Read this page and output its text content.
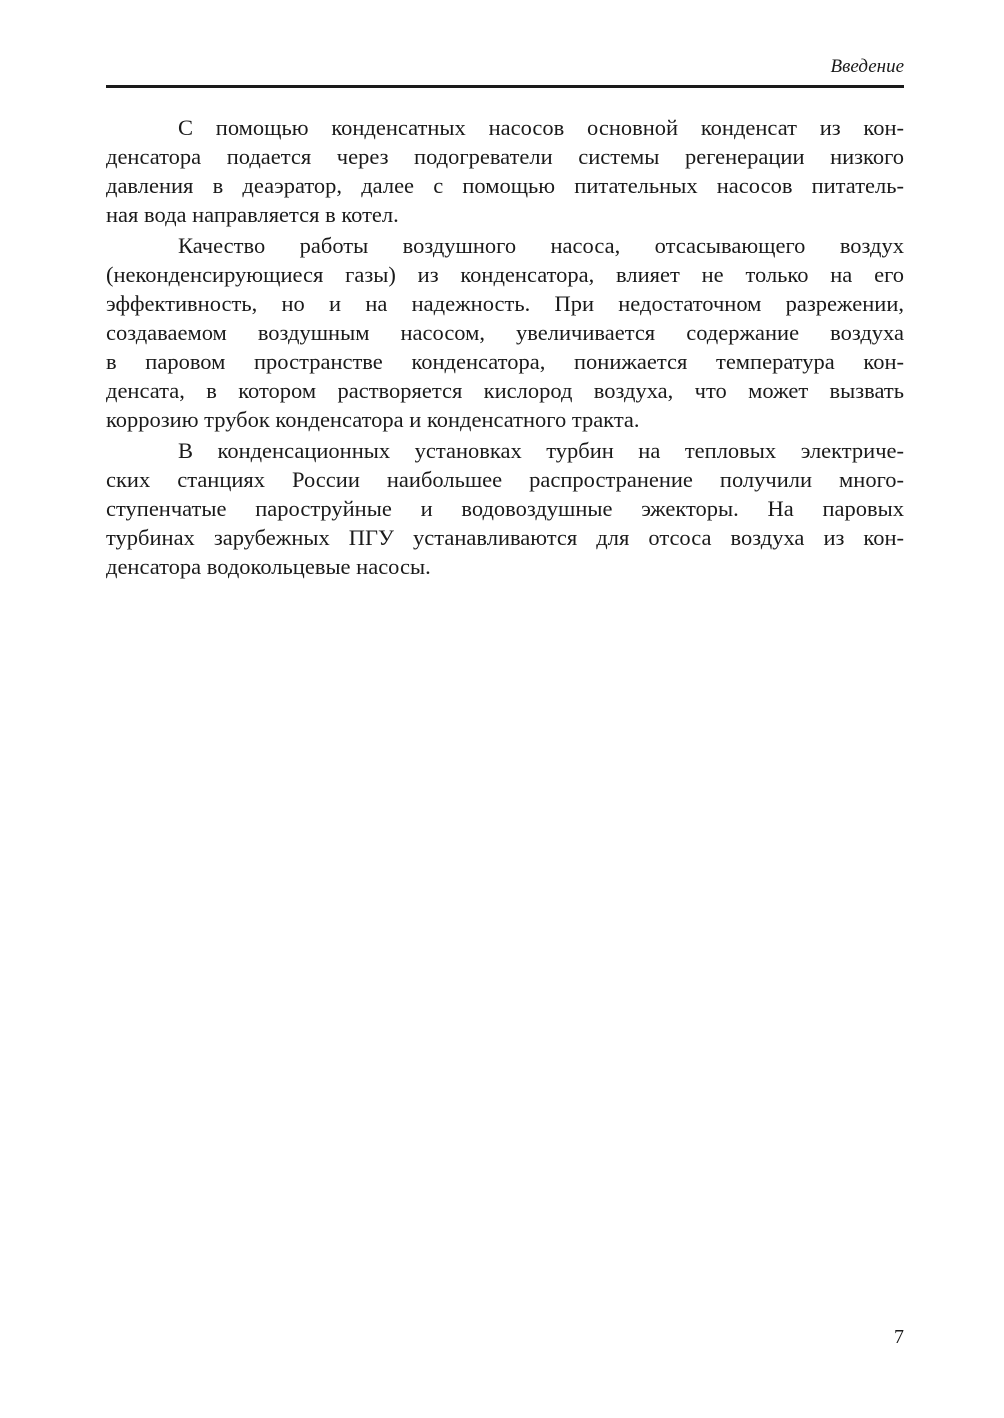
Введение
С помощью конденсатных насосов основной конденсат из кон-
денсатора подается через подогреватели системы регенерации низкого
давления в деаэратор, далее с помощью питательных насосов питатель-
ная вода направляется в котел.
Качество работы воздушного насоса, отсасывающего воздух
(неконденсирующиеся газы) из конденсатора, влияет не только на его
эффективность, но и на надежность. При недостаточном разрежении,
создаваемом воздушным насосом, увеличивается содержание воздуха
в паровом пространстве конденсатора, понижается температура кон-
денсата, в котором растворяется кислород воздуха, что может вызвать
коррозию трубок конденсатора и конденсатного тракта.
В конденсационных установках турбин на тепловых электриче-
ских станциях России наибольшее распространение получили много-
ступенчатые пароструйные и водовоздушные эжекторы. На паровых
турбинах зарубежных ПГУ устанавливаются для отсоса воздуха из кон-
денсатора водокольцевые насосы.
7
